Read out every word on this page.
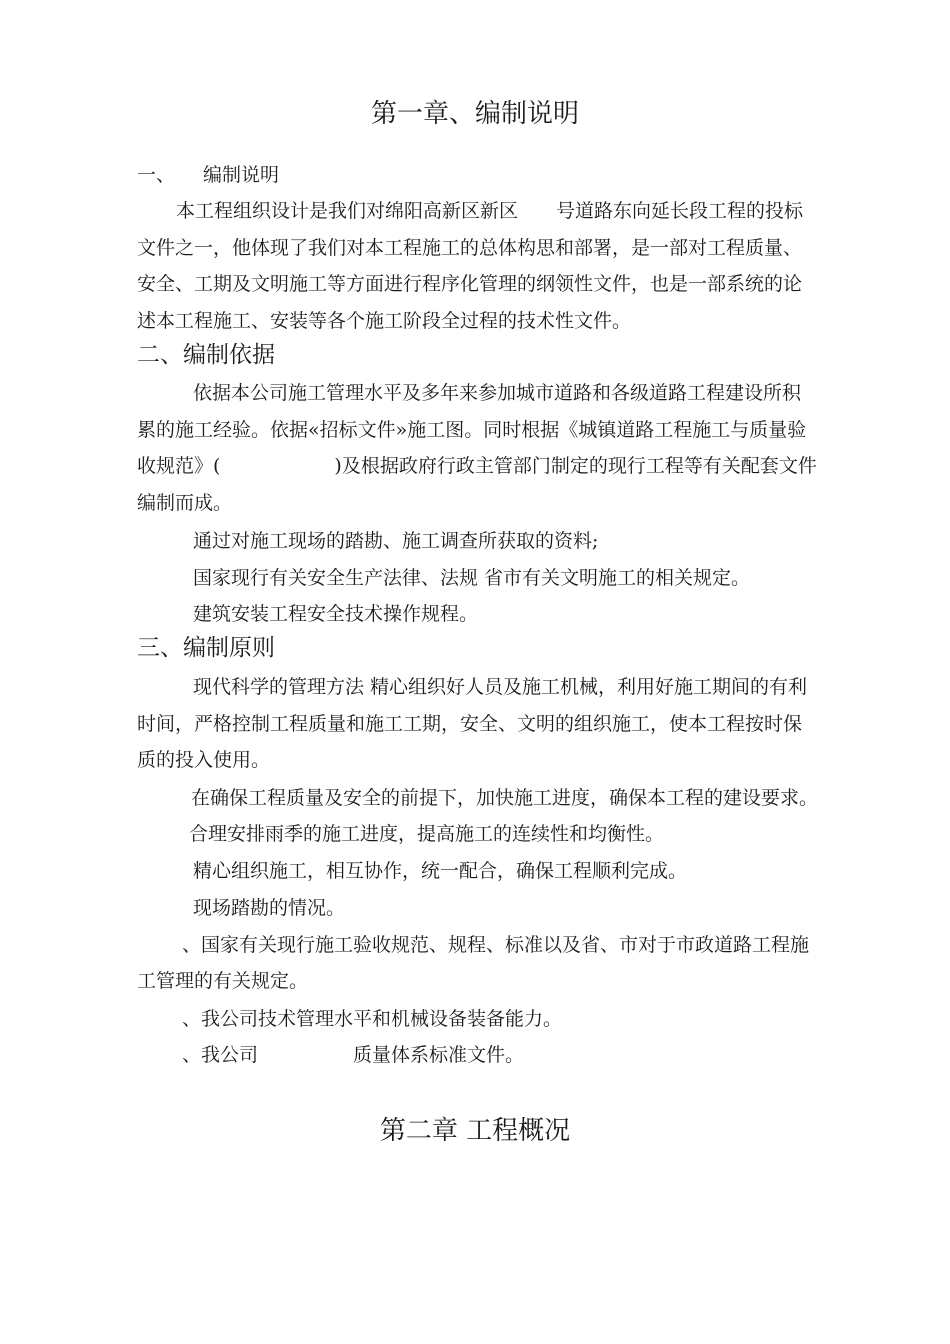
第一章、编制说明
一、 编制说明
本工程组织设计是我们对绵阳高新区新区　　号道路东向延长段工程的投标
文件之一，他体现了我们对本工程施工的总体构思和部署，是一部对工程质量、
安全、工期及文明施工等方面进行程序化管理的纲领性文件，也是一部系统的论
述本工程施工、安装等各个施工阶段全过程的技术性文件。
二、编制依据
依据本公司施工管理水平及多年来参加城市道路和各级道路工程建设所积
累的施工经验。依据«招标文件»施工图。同时根据《城镇道路工程施工与质量验
收规范》(　　　　　　)及根据政府行政主管部门制定的现行工程等有关配套文件
编制而成。
通过对施工现场的踏勘、施工调查所获取的资料;
国家现行有关安全生产法律、法规 省市有关文明施工的相关规定。
建筑安装工程安全技术操作规程。
三、编制原则
现代科学的管理方法 精心组织好人员及施工机械，利用好施工期间的有利
时间，严格控制工程质量和施工工期，安全、文明的组织施工，使本工程按时保
质的投入使用。
在确保工程质量及安全的前提下，加快施工进度，确保本工程的建设要求。
合理安排雨季的施工进度，提高施工的连续性和均衡性。
精心组织施工，相互协作，统一配合，确保工程顺利完成。
现场踏勘的情况。
、国家有关现行施工验收规范、规程、标准以及省、市对于市政道路工程施
工管理的有关规定。
、我公司技术管理水平和机械设备装备能力。
、我公司　　　　　质量体系标准文件。
第二章 工程概况
